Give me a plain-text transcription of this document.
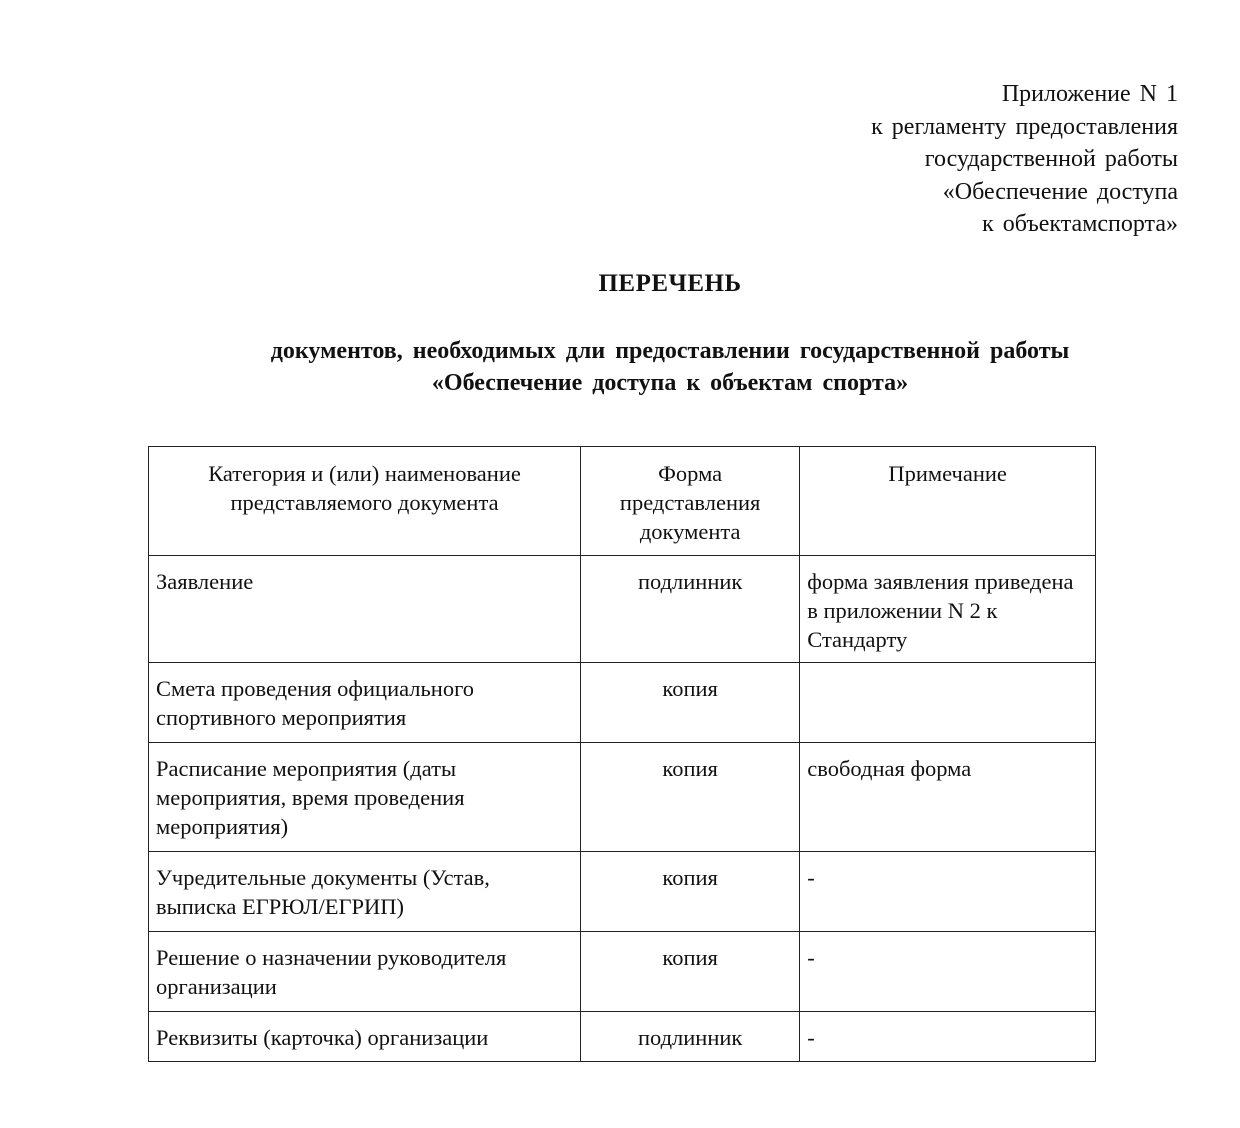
Приложение N 1
к регламенту предоставления
государственной работы
«Обеспечение доступа
к объектамспорта»
ПЕРЕЧЕНЬ
документов, необходимых дли предоставлении государственной работы
«Обеспечение доступа к объектам спорта»
Категория и (или) наименование представляемого документа	Форма представления документа	Примечание
Заявление	подлинник	форма заявления приведена в приложении N 2 к Стандарту
Смета проведения официального спортивного мероприятия	копия	
Расписание мероприятия (даты мероприятия, время проведения мероприятия)	копия	свободная форма
Учредительные документы (Устав, выписка ЕГРЮЛ/ЕГРИП)	копия	-
Решение о назначении руководителя организации	копия	-
Реквизиты (карточка) организации	подлинник	-
